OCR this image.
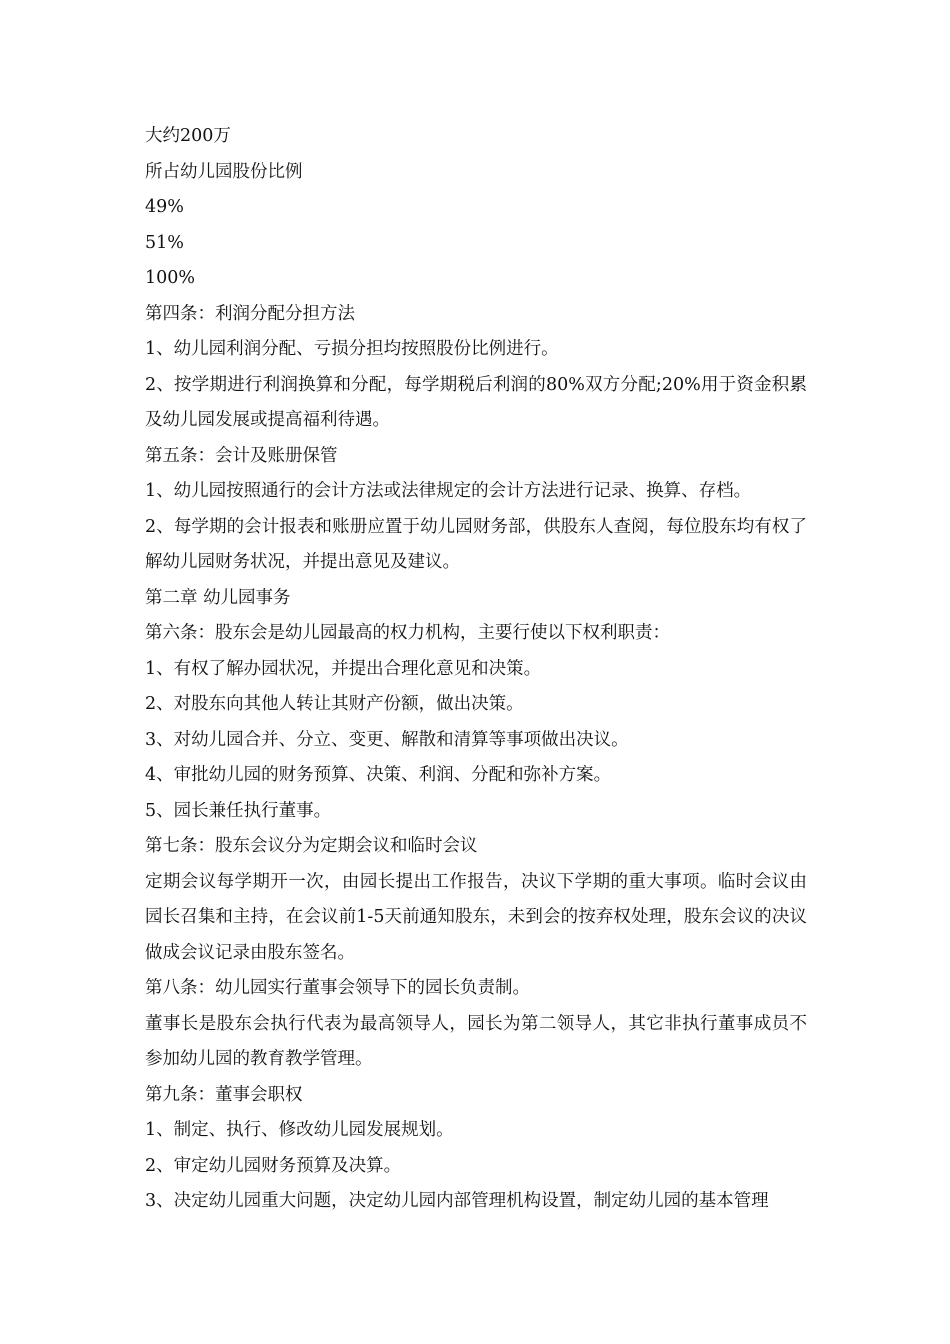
大约200万

所占幼儿园股份比例

49%

51%

100%

第四条：利润分配分担方法

1、幼儿园利润分配、亏损分担均按照股份比例进行。

2、按学期进行利润换算和分配，每学期税后利润的80%双方分配;20%用于资金积累及幼儿园发展或提高福利待遇。

第五条：会计及账册保管

1、幼儿园按照通行的会计方法或法律规定的会计方法进行记录、换算、存档。

2、每学期的会计报表和账册应置于幼儿园财务部，供股东人查阅，每位股东均有权了解幼儿园财务状况，并提出意见及建议。

第二章 幼儿园事务

第六条：股东会是幼儿园最高的权力机构，主要行使以下权利职责：

1、有权了解办园状况，并提出合理化意见和决策。

2、对股东向其他人转让其财产份额，做出决策。

3、对幼儿园合并、分立、变更、解散和清算等事项做出决议。

4、审批幼儿园的财务预算、决策、利润、分配和弥补方案。

5、园长兼任执行董事。

第七条：股东会议分为定期会议和临时会议

定期会议每学期开一次，由园长提出工作报告，决议下学期的重大事项。临时会议由园长召集和主持，在会议前1-5天前通知股东，未到会的按弃权处理，股东会议的决议做成会议记录由股东签名。

第八条：幼儿园实行董事会领导下的园长负责制。

董事长是股东会执行代表为最高领导人，园长为第二领导人，其它非执行董事成员不参加幼儿园的教育教学管理。

第九条：董事会职权

1、制定、执行、修改幼儿园发展规划。

2、审定幼儿园财务预算及决算。

3、决定幼儿园重大问题，决定幼儿园内部管理机构设置，制定幼儿园的基本管理
